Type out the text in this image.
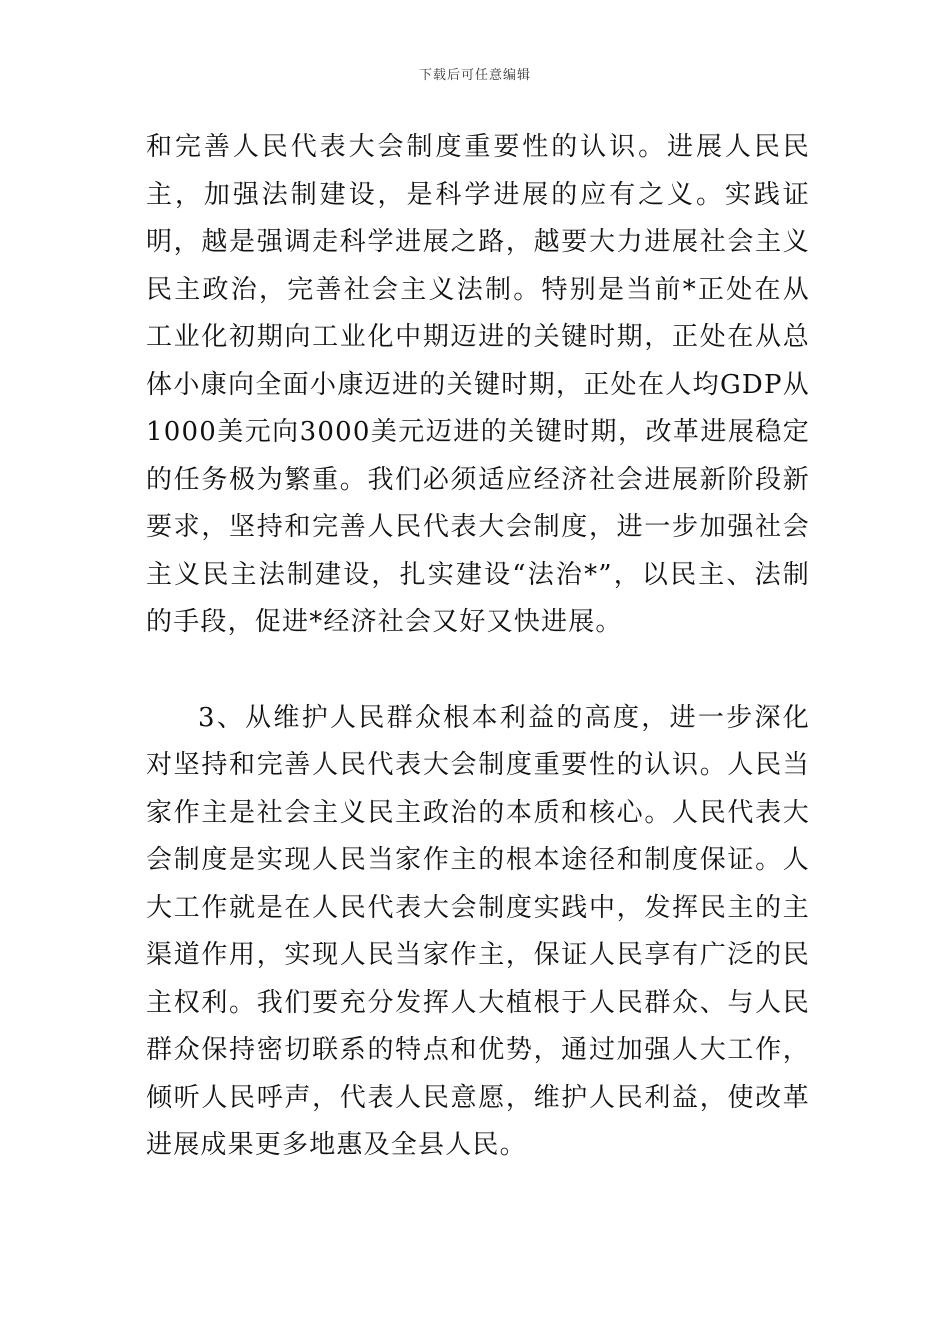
下载后可任意编辑

和完善人民代表大会制度重要性的认识。进展人民民主，加强法制建设，是科学进展的应有之义。实践证明，越是强调走科学进展之路，越要大力进展社会主义民主政治，完善社会主义法制。特别是当前*正处在从工业化初期向工业化中期迈进的关键时期，正处在从总体小康向全面小康迈进的关键时期，正处在人均GDP从1000美元向3000美元迈进的关键时期，改革进展稳定的任务极为繁重。我们必须适应经济社会进展新阶段新要求，坚持和完善人民代表大会制度，进一步加强社会主义民主法制建设，扎实建设“法治*”，以民主、法制的手段，促进*经济社会又好又快进展。

3、从维护人民群众根本利益的高度，进一步深化对坚持和完善人民代表大会制度重要性的认识。人民当家作主是社会主义民主政治的本质和核心。人民代表大会制度是实现人民当家作主的根本途径和制度保证。人大工作就是在人民代表大会制度实践中，发挥民主的主渠道作用，实现人民当家作主，保证人民享有广泛的民主权利。我们要充分发挥人大植根于人民群众、与人民群众保持密切联系的特点和优势，通过加强人大工作，倾听人民呼声，代表人民意愿，维护人民利益，使改革进展成果更多地惠及全县人民。
